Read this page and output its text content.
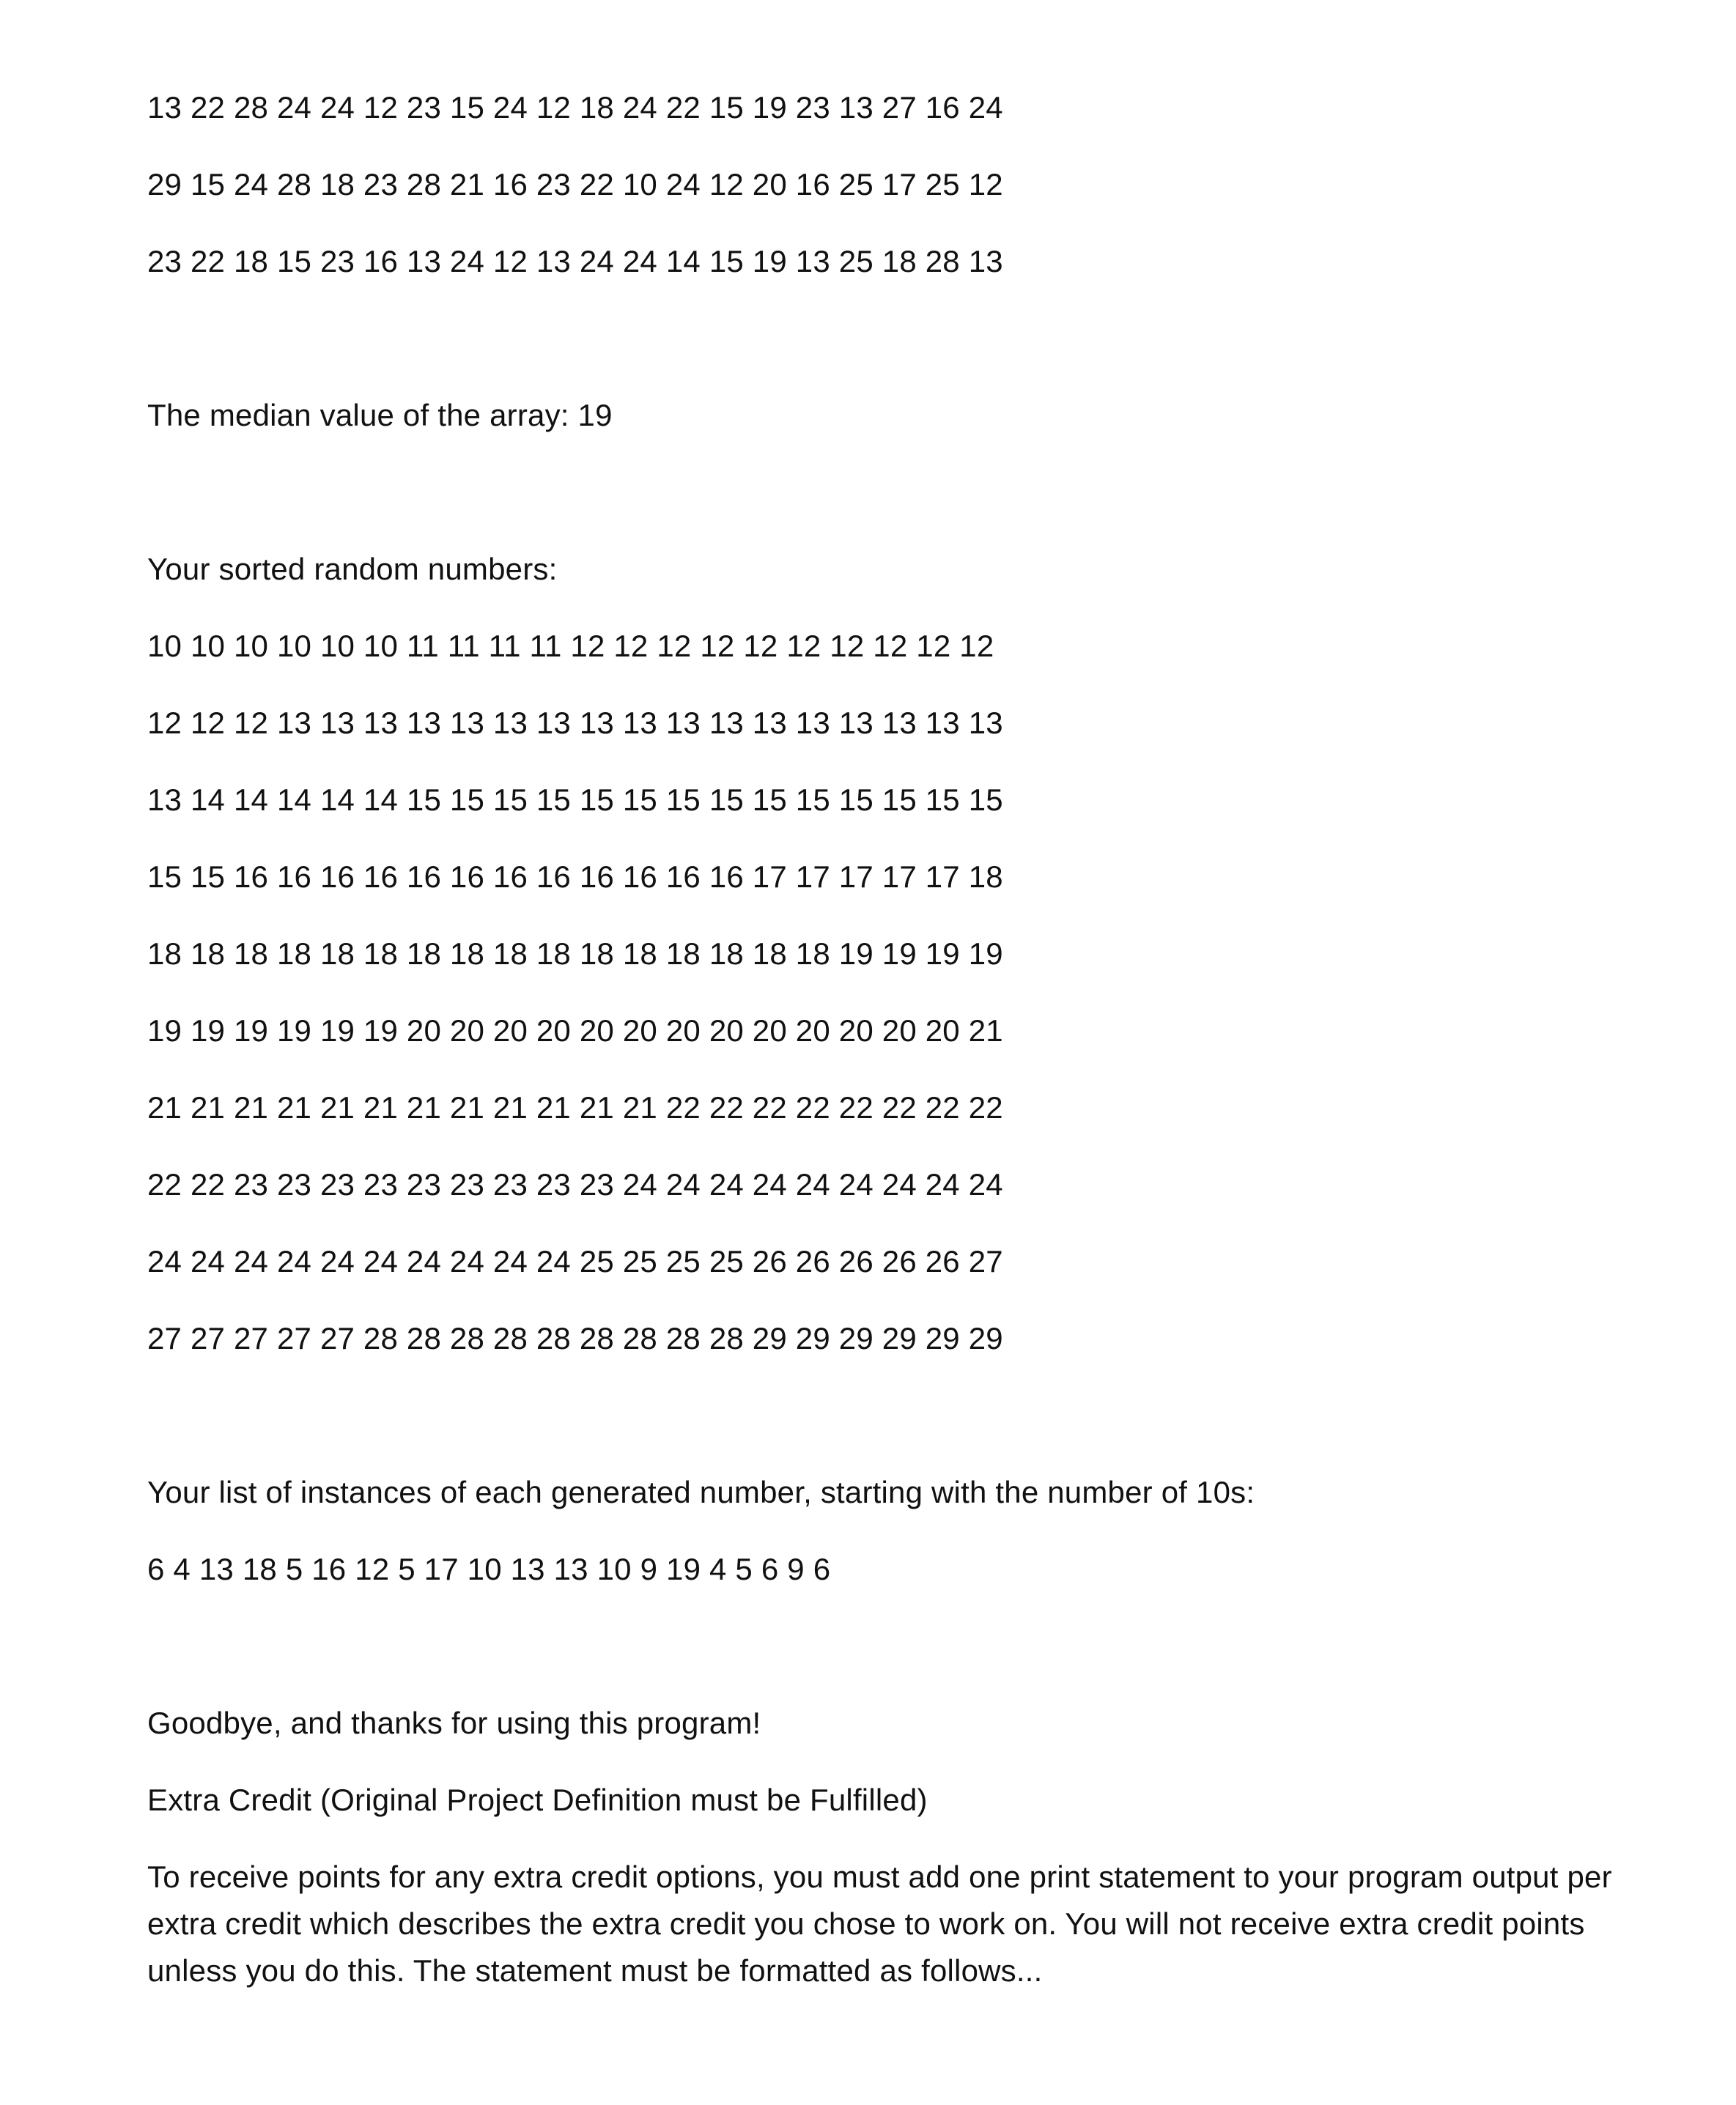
13 22 28 24 24 12 23 15 24 12 18 24 22 15 19 23 13 27 16 24
29 15 24 28 18 23 28 21 16 23 22 10 24 12 20 16 25 17 25 12
23 22 18 15 23 16 13 24 12 13 24 24 14 15 19 13 25 18 28 13
The median value of the array: 19
Your sorted random numbers:
10 10 10 10 10 10 11 11 11 11 12 12 12 12 12 12 12 12 12 12
12 12 12 13 13 13 13 13 13 13 13 13 13 13 13 13 13 13 13 13
13 14 14 14 14 14 15 15 15 15 15 15 15 15 15 15 15 15 15 15
15 15 16 16 16 16 16 16 16 16 16 16 16 16 17 17 17 17 17 18
18 18 18 18 18 18 18 18 18 18 18 18 18 18 18 18 19 19 19 19
19 19 19 19 19 19 20 20 20 20 20 20 20 20 20 20 20 20 20 21
21 21 21 21 21 21 21 21 21 21 21 21 22 22 22 22 22 22 22 22
22 22 23 23 23 23 23 23 23 23 23 24 24 24 24 24 24 24 24 24
24 24 24 24 24 24 24 24 24 24 25 25 25 25 26 26 26 26 26 27
27 27 27 27 27 28 28 28 28 28 28 28 28 28 29 29 29 29 29 29
Your list of instances of each generated number, starting with the number of 10s:
6 4 13 18 5 16 12 5 17 10 13 13 10 9 19 4 5 6 9 6
Goodbye, and thanks for using this program!
Extra Credit (Original Project Definition must be Fulfilled)
To receive points for any extra credit options, you must add one print statement to your program output per extra credit which describes the extra credit you chose to work on. You will not receive extra credit points unless you do this. The statement must be formatted as follows...
